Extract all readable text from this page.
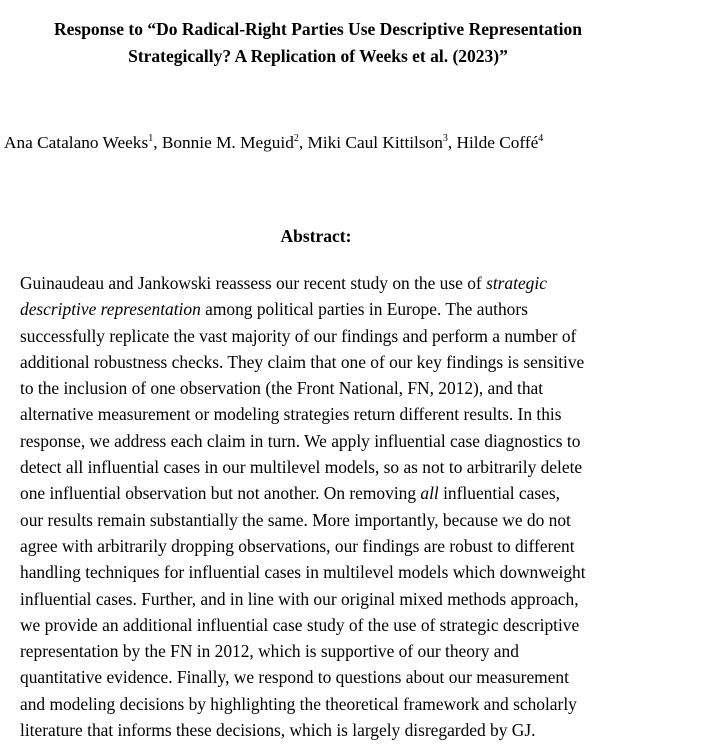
Response to “Do Radical-Right Parties Use Descriptive Representation
Strategically? A Replication of Weeks et al. (2023)”

Ana Catalano Weeks$^1$, Bonnie M. Meguid$^2$, Miki Caul Kittilson$^3$, Hilde Coffé$^4$

Abstract:
Guinaudeau and Jankowski reassess our recent study on the use of strategic
descriptive representation among political parties in Europe. The authors
successfully replicate the vast majority of our findings and perform a number of
additional robustness checks. They claim that one of our key findings is sensitive
to the inclusion of one observation (the Front National, FN, 2012), and that
alternative measurement or modeling strategies return different results. In this
response, we address each claim in turn. We apply influential case diagnostics to
detect all influential cases in our multilevel models, so as not to arbitrarily delete
one influential observation but not another. On removing all influential cases,
our results remain substantially the same. More importantly, because we do not
agree with arbitrarily dropping observations, our findings are robust to different
handling techniques for influential cases in multilevel models which downweight
influential cases. Further, and in line with our original mixed methods approach,
we provide an additional influential case study of the use of strategic descriptive
representation by the FN in 2012, which is supportive of our theory and
quantitative evidence. Finally, we respond to questions about our measurement
and modeling decisions by highlighting the theoretical framework and scholarly
literature that informs these decisions, which is largely disregarded by GJ.
